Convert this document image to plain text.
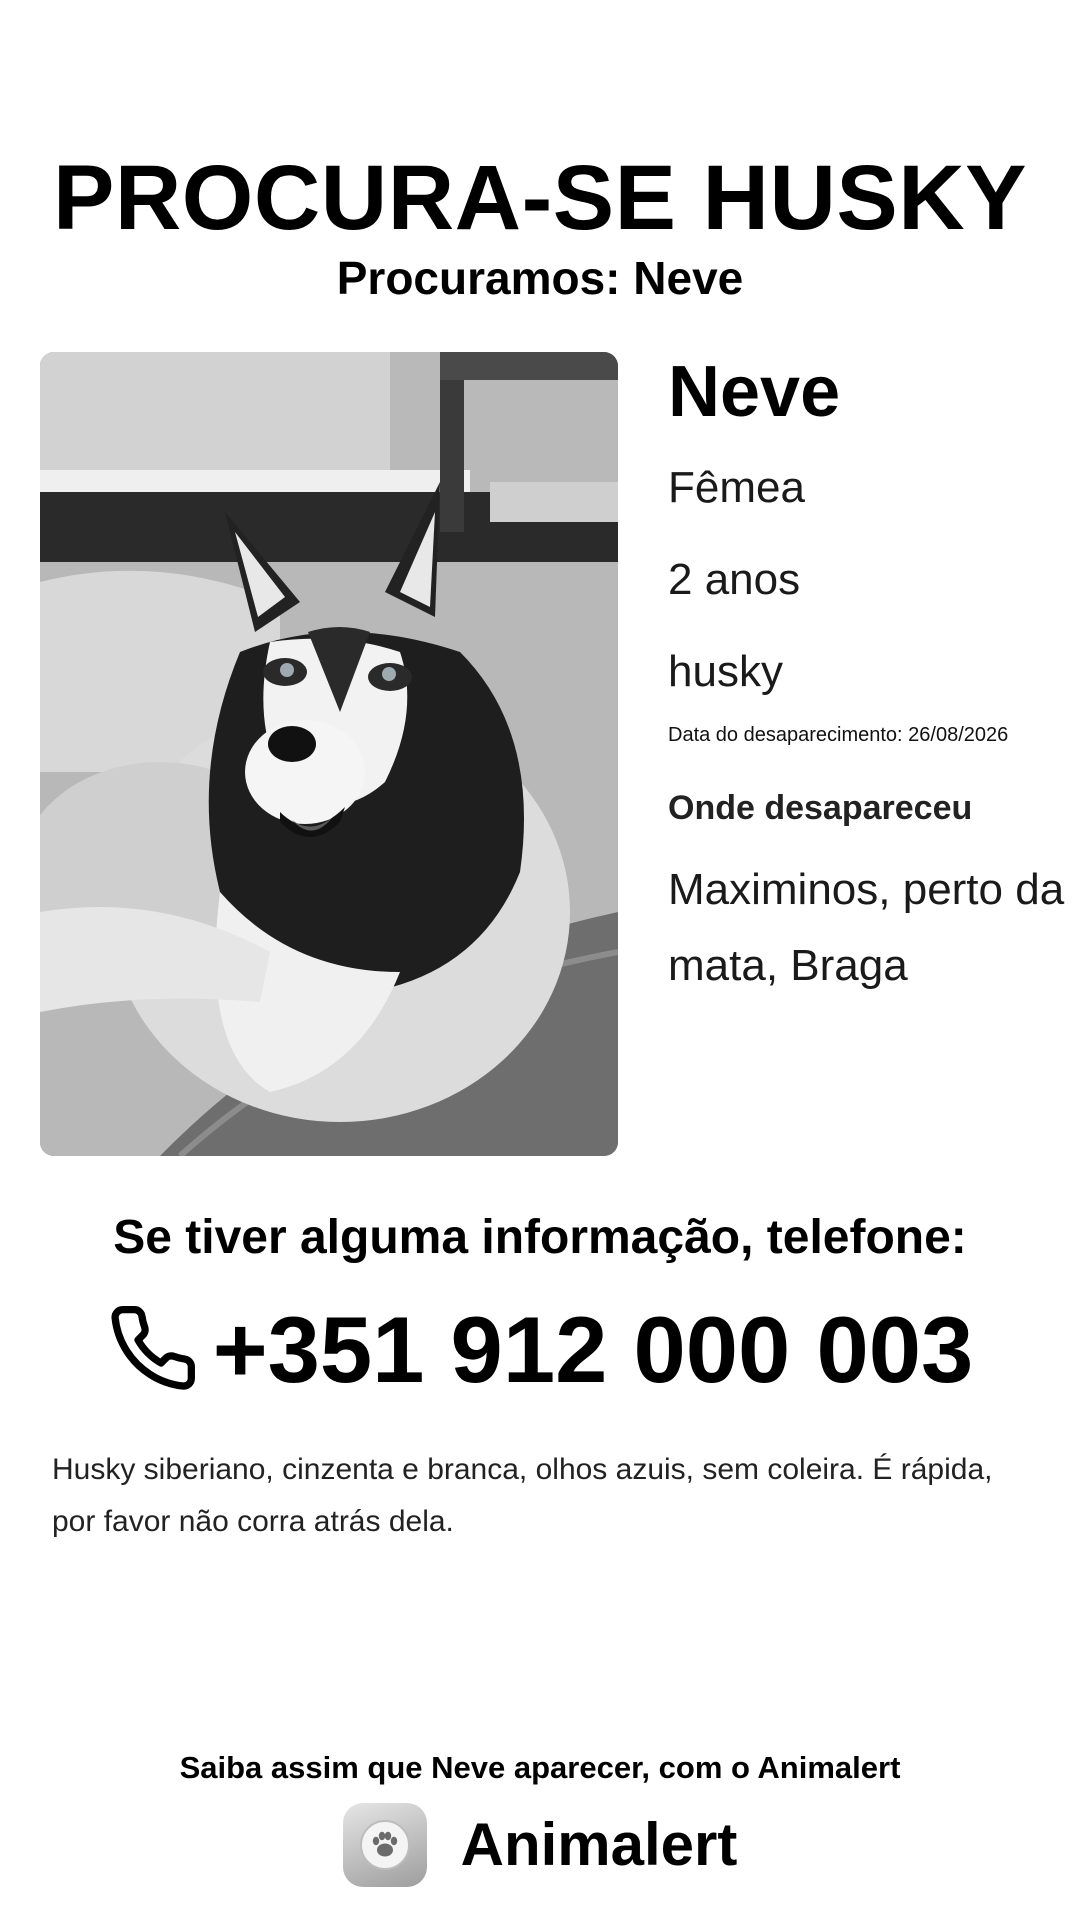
PROCURA-SE HUSKY
Procuramos: Neve
Neve
Fêmea
2 anos
husky
Data do desaparecimento: 26/08/2026
Onde desapareceu
Maximinos, perto da mata, Braga
Se tiver alguma informação, telefone:
+351 912 000 003
Husky siberiano, cinzenta e branca, olhos azuis, sem coleira. É rápida, por favor não corra atrás dela.
Saiba assim que Neve aparecer, com o Animalert
Animalert
